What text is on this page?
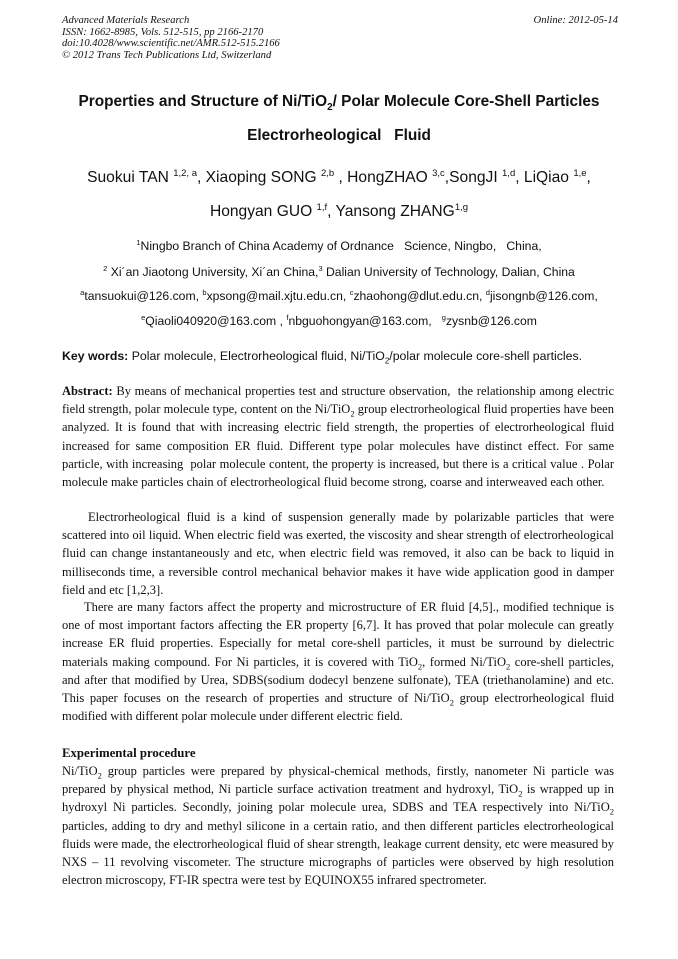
Advanced Materials Research
ISSN: 1662-8985, Vols. 512-515, pp 2166-2170
doi:10.4028/www.scientific.net/AMR.512-515.2166
© 2012 Trans Tech Publications Ltd, Switzerland
Online: 2012-05-14
Properties and Structure of Ni/TiO$_2$/ Polar Molecule Core-Shell Particles
Electrorheological   Fluid
Suokui TAN $^{1,2, a}$, Xiaoping SONG $^{2,b}$ , HongZHAO $^{3,c}$,SongJI $^{1,d}$, LiQiao $^{1,e}$,
Hongyan GUO $^{1,f}$, Yansong ZHANG$^{1,g}$
$^1$Ningbo Branch of China Academy of Ordnance   Science, Ningbo,   China,
$^2$ Xi´an Jiaotong University, Xi´an China,$^3$ Dalian University of Technology, Dalian, China
$^a$tansuokui@126.com, $^b$xpsong@mail.xjtu.edu.cn, $^c$zhaohong@dlut.edu.cn, $^d$jisongnb@126.com,
$^e$Qiaoli040920@163.com , $^f$nbguohongyan@163.com,   $^g$zysnb@126.com
Key words: Polar molecule, Electrorheological fluid, Ni/TiO$_2$/polar molecule core-shell particles.
Abstract: By means of mechanical properties test and structure observation,  the relationship among electric field strength, polar molecule type, content on the Ni/TiO$_2$ group electrorheological fluid properties have been analyzed. It is found that with increasing electric field strength, the properties of electrorheological fluid increased for same composition ER fluid. Different type polar molecules have distinct effect. For same particle, with increasing  polar molecule content, the property is increased, but there is a critical value . Polar molecule make particles chain of electrorheological fluid become strong, coarse and interweaved each other.
Electrorheological fluid is a kind of suspension generally made by polarizable particles that were scattered into oil liquid. When electric field was exerted, the viscosity and shear strength of electrorheological fluid can change instantaneously and etc, when electric field was removed, it also can be back to liquid in milliseconds time, a reversible control mechanical behavior makes it have wide application good in damper field and etc [1,2,3].
There are many factors affect the property and microstructure of ER fluid [4,5]., modified technique is one of most important factors affecting the ER property [6,7]. It has proved that polar molecule can greatly increase ER fluid properties. Especially for metal core-shell particles, it must be surround by dielectric materials making compound. For Ni particles, it is covered with TiO$_2$, formed Ni/TiO$_2$ core-shell particles, and after that modified by Urea, SDBS(sodium dodecyl benzene sulfonate), TEA (triethanolamine) and etc. This paper focuses on the research of properties and structure of Ni/TiO$_2$ group electrorheological fluid modified with different polar molecule under different electric field.
Experimental procedure
Ni/TiO$_2$ group particles were prepared by physical-chemical methods, firstly, nanometer Ni particle was prepared by physical method, Ni particle surface activation treatment and hydroxyl, TiO$_2$ is wrapped up in hydroxyl Ni particles. Secondly, joining polar molecule urea, SDBS and TEA respectively into Ni/TiO$_2$ particles, adding to dry and methyl silicone in a certain ratio, and then different particles electrorheological fluids were made, the electrorheological fluid of shear strength, leakage current density, etc were measured by NXS – 11 revolving viscometer. The structure micrographs of particles were observed by high resolution electron microscopy, FT-IR spectra were test by EQUINOX55 infrared spectrometer.
